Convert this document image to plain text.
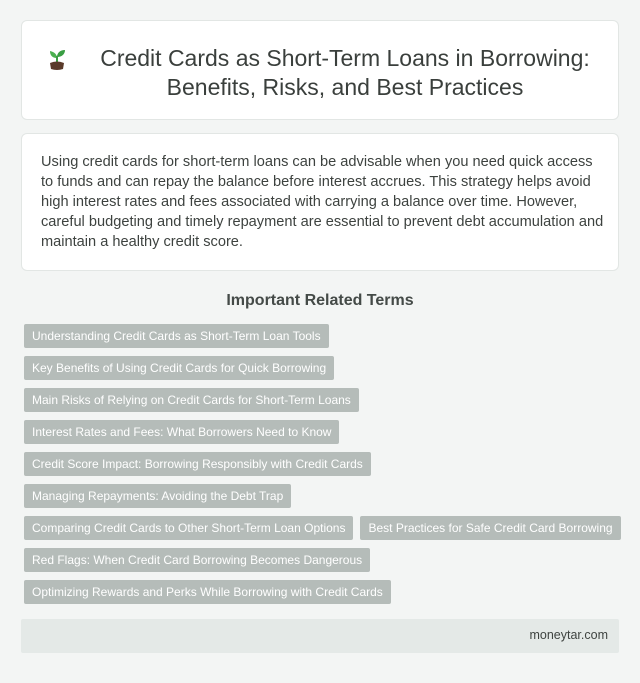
Credit Cards as Short-Term Loans in Borrowing: Benefits, Risks, and Best Practices

Using credit cards for short-term loans can be advisable when you need quick access to funds and can repay the balance before interest accrues. This strategy helps avoid high interest rates and fees associated with carrying a balance over time. However, careful budgeting and timely repayment are essential to prevent debt accumulation and maintain a healthy credit score.

Important Related Terms
Understanding Credit Cards as Short-Term Loan Tools
Key Benefits of Using Credit Cards for Quick Borrowing
Main Risks of Relying on Credit Cards for Short-Term Loans
Interest Rates and Fees: What Borrowers Need to Know
Credit Score Impact: Borrowing Responsibly with Credit Cards
Managing Repayments: Avoiding the Debt Trap
Comparing Credit Cards to Other Short-Term Loan Options	Best Practices for Safe Credit Card Borrowing
Red Flags: When Credit Card Borrowing Becomes Dangerous
Optimizing Rewards and Perks While Borrowing with Credit Cards
moneytar.com
